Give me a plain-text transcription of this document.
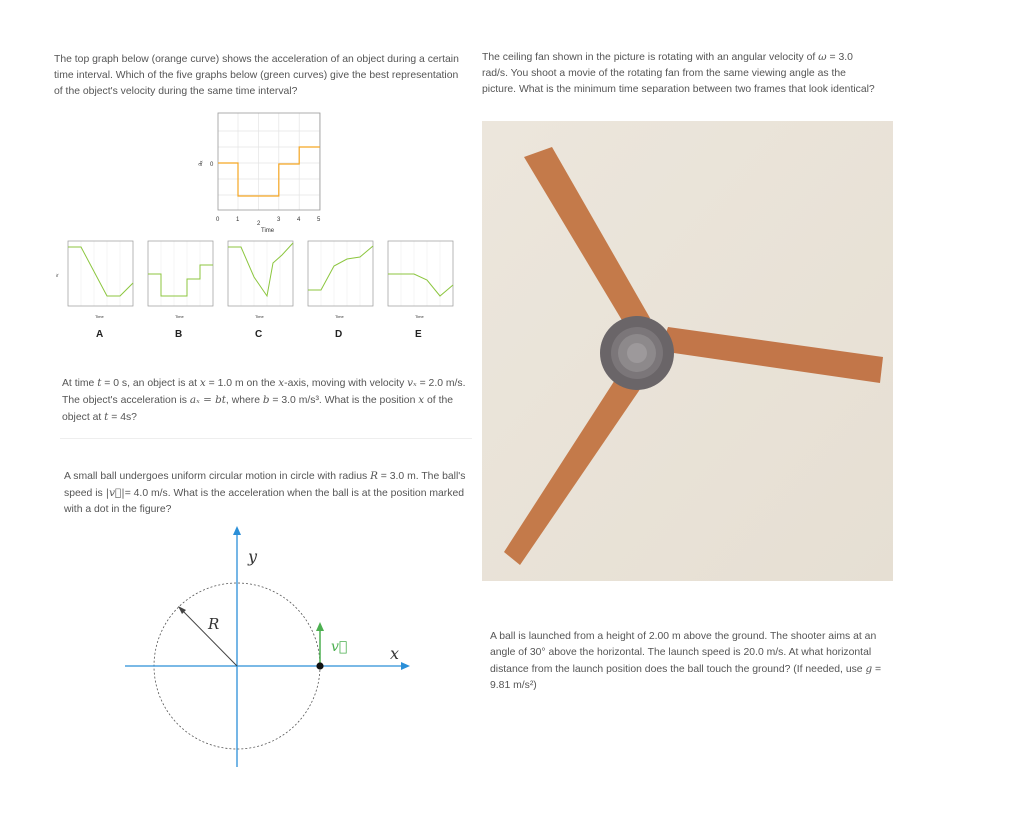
The top graph below (orange curve) shows the acceleration of an object during a certain time interval. Which of the five graphs below (green curves) give the best representation of the object's velocity during the same time interval?
aₓ 0
0	1
2
3	4	5
Time
vₓ
Time	Time	Time	Time	Time
A	B	C	D	E
At time t = 0 s, an object is at x = 1.0 m on the x-axis, moving with velocity vₓ = 2.0 m/s. The object's acceleration is aₓ = bt, where b = 3.0 m/s³. What is the position x of the object at t = 4s?
A small ball undergoes uniform circular motion in circle with radius R = 3.0 m. The ball's speed is |v⃗|= 4.0 m/s. What is the acceleration when the ball is at the position marked with a dot in the figure?
y
x
R
v⃗
The ceiling fan shown in the picture is rotating with an angular velocity of ω = 3.0 rad/s. You shoot a movie of the rotating fan from the same viewing angle as the picture. What is the minimum time separation between two frames that look identical?
A ball is launched from a height of 2.00 m above the ground. The shooter aims at an angle of 30° above the horizontal. The launch speed is 20.0 m/s. At what horizontal distance from the launch position does the ball touch the ground? (If needed, use g = 9.81 m/s²)
